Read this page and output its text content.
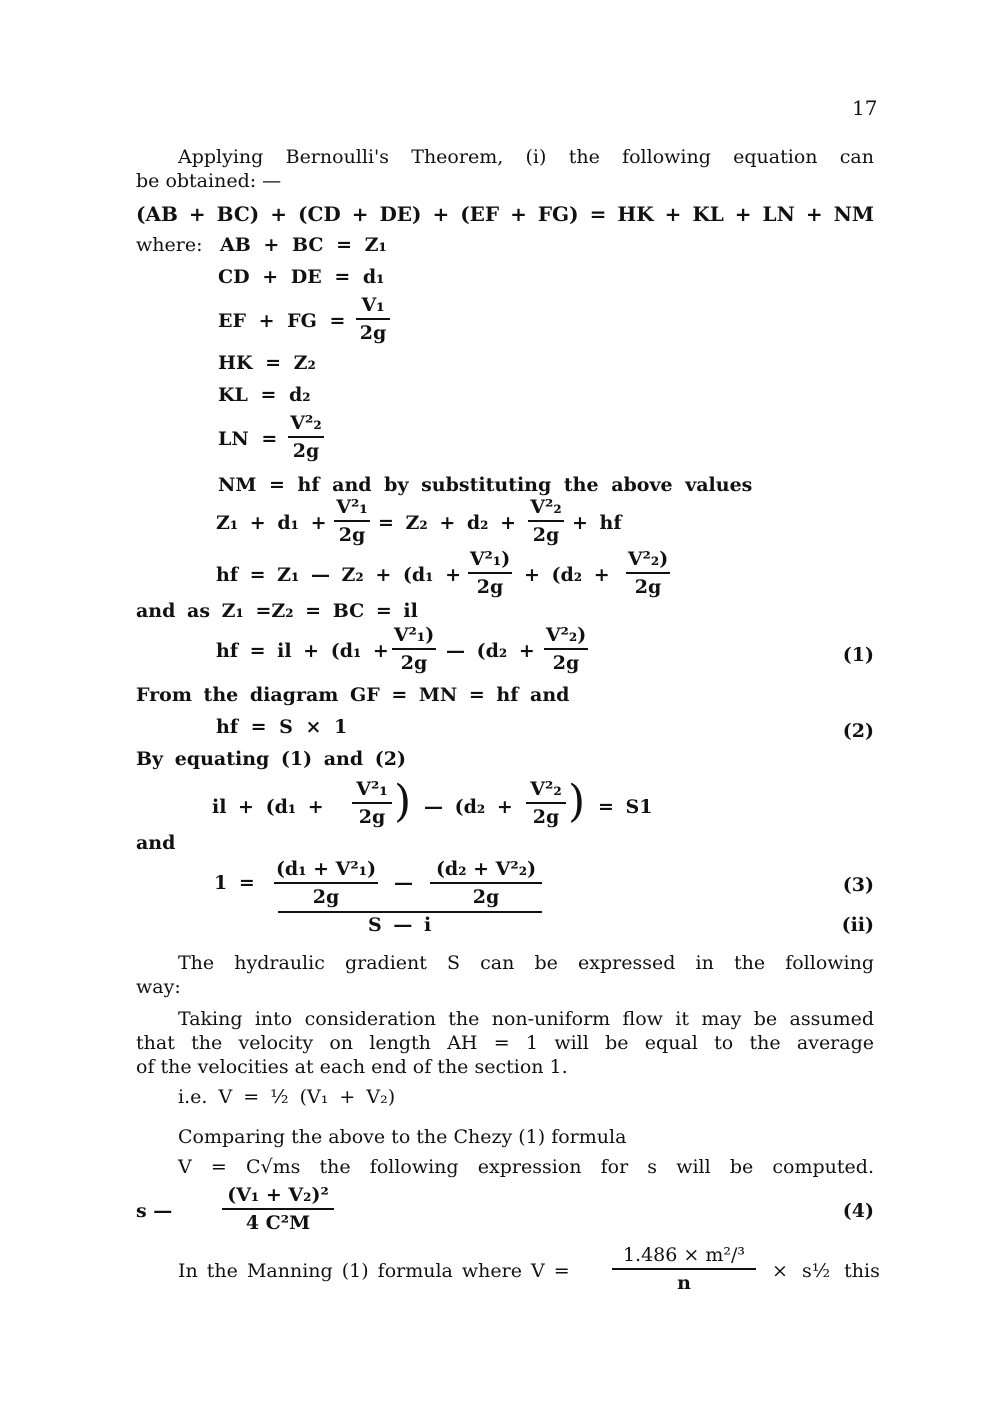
17
Applying Bernoulli's Theorem, (i) the following equation can
be obtained: —
(AB + BC) + (CD + DE) + (EF + FG) = HK + KL + LN + NM
where: AB + BC = Z₁
CD + DE = d₁
EF + FG = $\frac{\text{V₁}}{2g}$
HK = Z₂
KL = d₂
LN = $\frac{\text{V²₂}}{2g}$
NM = hf and by substituting the above values
$Z_1 + d_1 + \frac{\text{V²₁}}{2g} = Z_2 + d_2 + \frac{\text{V²₂}}{2g}$ + hf
hf = Z₁ — $Z_2 + (d_1 + \frac{\text{V²₁)}}{2g} + (d_2 + \frac{\text{V²₂)}}{2g}$
and as Z₁ =Z₂ = BC = il
hf = il + ($d_1 + \frac{\text{V²₁)}}{2g}$ — ($d_2 + \frac{\text{V²₂)}}{2g}$	(1)
From the diagram GF = MN = hf and
hf = S × 1	(2)
By equating (1) and (2)
il + ($d_1 + \frac{\text{V²₁}}{2g}$ ) — ($d_2 + \frac{\text{V²₂}}{2g}$ ) = S1
and
$1 = \frac{\text{(d₁ + V²₁)}}{2g}$ — $\frac{\text{(d₂ + V²₂)}}{2g}$
S — i
(3)
(ii)
The hydraulic gradient S can be expressed in the following
way:
Taking into consideration the non-uniform flow it may be assumed
that the velocity on length AH = 1 will be equal to the average
of the velocities at each end of the section 1.
i.e. V = ½ (V₁ + V₂)
Comparing the above to the Chezy (1) formula
V = C√ms the following expression for s will be computed.
s —	$\frac{\text{(V₁ + V₂)²}}{\text{4 C²M}}$	(4)
In the Manning (1) formula where $V = \frac{\text{1.486 × m²/³}}{n}$ × s½ this
